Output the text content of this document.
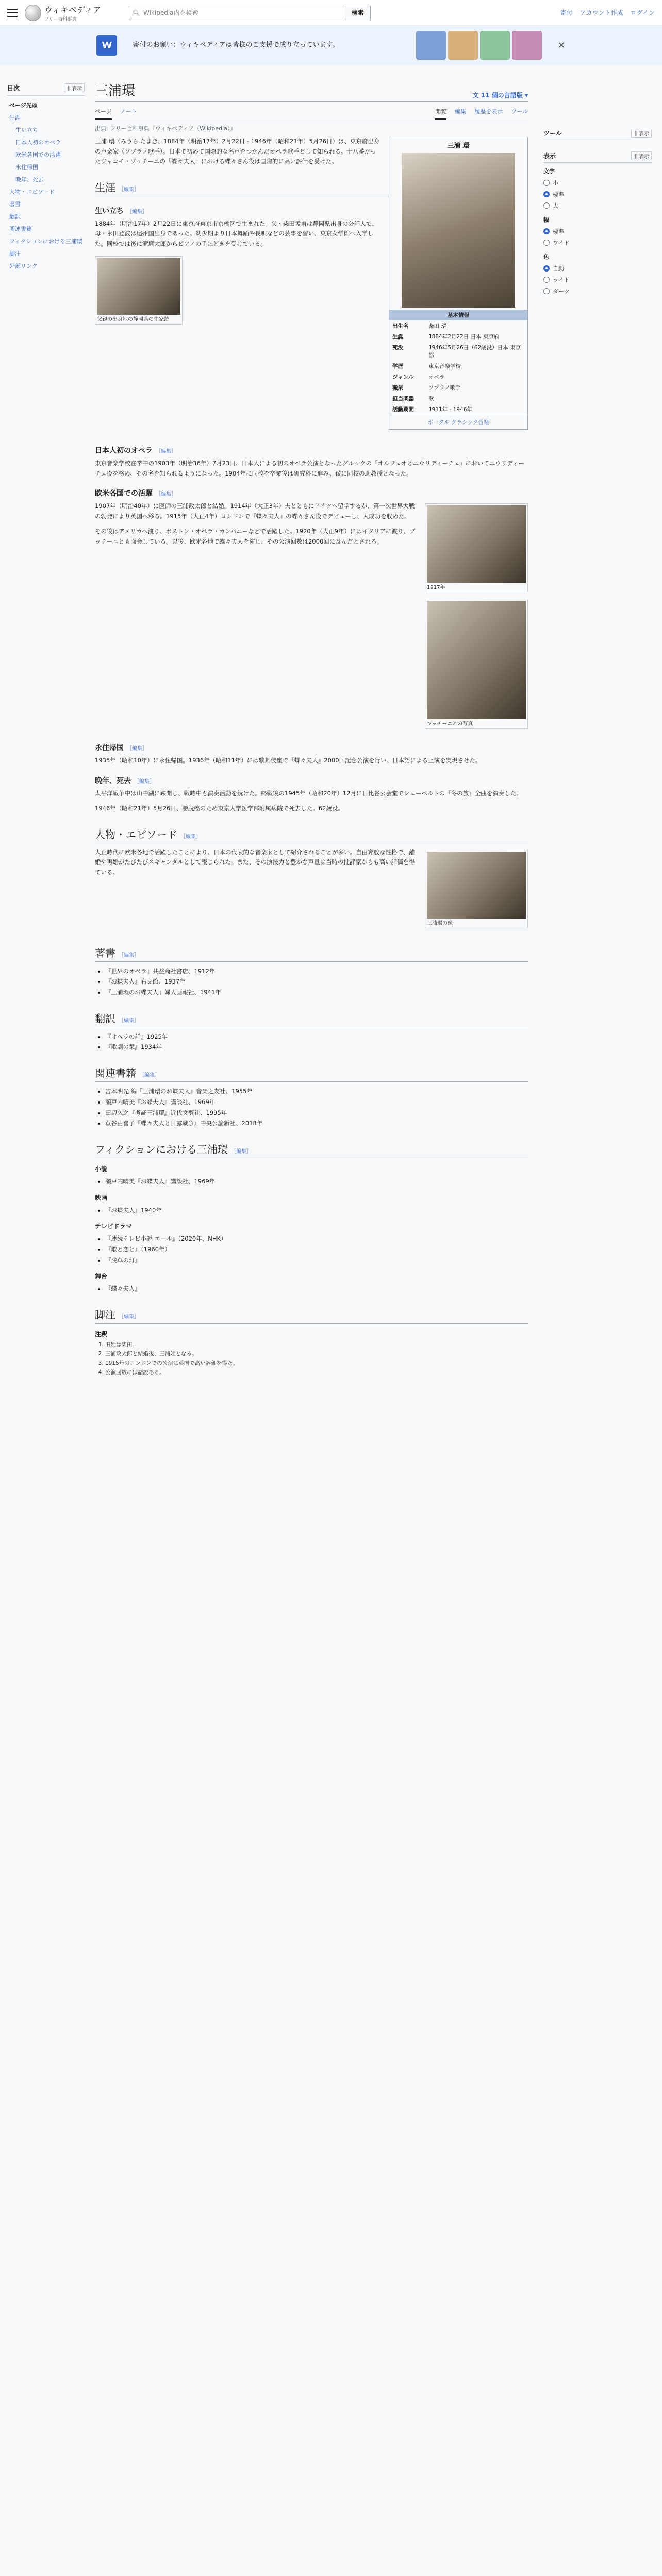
ウィキペディア
フリー百科事典
🔍︎ Wikipedia内を検索	検索	寄付 アカウント作成 ログイン
W	寄付のお願い：ウィキペディアは皆様のご支援で成り立っています。	✕
目次	非表示
ページ先頭
生涯
生い立ち
日本人初のオペラ
欧米各国での活躍
永住帰国
晩年、死去
人物・エピソード
著書
翻訳
関連書籍
フィクションにおける三浦環
脚注
外部リンク
三浦環	文︎ 11 個の言語版 ▾
ページ ノート	閲覧 編集 履歴を表示 ツール
出典: フリー百科事典『ウィキペディア（Wikipedia）』
三浦 環
基本情報
出生名	柴田 環
生誕	1884年2月22日 日本 東京府
死没	1946年5月26日（62歳没）日本 東京都
学歴	東京音楽学校
ジャンル	オペラ
職業	ソプラノ歌手
担当楽器	歌
活動期間	1911年 - 1946年
ポータル クラシック音楽

三浦 環（みうら たまき、1884年（明治17年）2月22日 - 1946年（昭和21年）5月26日）は、東京府出身の声楽家（ソプラノ歌手）。日本で初めて国際的な名声をつかんだオペラ歌手として知られる。十八番だったジャコモ・プッチーニの「蝶々夫人」における蝶々さん役は国際的に高い評価を受けた。

生涯 ［編集］
生い立ち ［編集］

1884年（明治17年）2月22日に東京府東京市京橋区で生まれた。父・柴田孟甫は静岡県出身の公証人で、母・永田登波は遠州国出身であった。幼少期より日本舞踊や長唄などの芸事を習い、東京女学館へ入学した。同校では後に滝廉太郎からピアノの手ほどきを受けている。

父親の出身地の静岡県の生家跡
日本人初のオペラ ［編集］

東京音楽学校在学中の1903年（明治36年）7月23日、日本人による初のオペラ公演となったグルックの『オルフェオとエウリディーチェ』においてエウリディーチェ役を務め、その名を知られるようになった。1904年に同校を卒業後は研究科に進み、後に同校の助教授となった。

欧米各国での活躍 ［編集］
1917年

1907年（明治40年）に医師の三浦政太郎と結婚。1914年（大正3年）夫とともにドイツへ留学するが、第一次世界大戦の勃発により英国へ移る。1915年（大正4年）ロンドンで『蝶々夫人』の蝶々さん役でデビューし、大成功を収めた。

プッチーニとの写真

その後はアメリカへ渡り、ボストン・オペラ・カンパニーなどで活躍した。1920年（大正9年）にはイタリアに渡り、プッチーニとも面会している。以後、欧米各地で蝶々夫人を演じ、その公演回数は2000回に及んだとされる。

永住帰国 ［編集］

1935年（昭和10年）に永住帰国。1936年（昭和11年）には歌舞伎座で『蝶々夫人』2000回記念公演を行い、日本語による上演を実現させた。

晩年、死去 ［編集］

太平洋戦争中は山中湖に疎開し、戦時中も演奏活動を続けた。終戦後の1945年（昭和20年）12月に日比谷公会堂でシューベルトの『冬の旅』全曲を演奏した。

1946年（昭和21年）5月26日、膀胱癌のため東京大学医学部附属病院で死去した。62歳没。

人物・エピソード ［編集］
三浦環の像

大正時代に欧米各地で活躍したことにより、日本の代表的な音楽家として紹介されることが多い。自由奔放な性格で、離婚や再婚がたびたびスキャンダルとして報じられた。また、その演技力と豊かな声量は当時の批評家からも高い評価を得ている。

著書 ［編集］
• 『世界のオペラ』共益商社書店、1912年
• 『お蝶夫人』右文館、1937年
• 『三浦環のお蝶夫人』婦人画報社、1941年
翻訳 ［編集］
• 『オペラの話』1925年
• 『歌劇の栞』1934年
関連書籍 ［編集］
• 吉本明光 編『三浦環のお蝶夫人』音楽之友社、1955年
• 瀬戸内晴美『お蝶夫人』講談社、1969年
• 田辺久之『考証三浦環』近代文藝社、1995年
• 萩谷由喜子『蝶々夫人と日露戦争』中央公論新社、2018年
フィクションにおける三浦環 ［編集］
小説
• 瀬戸内晴美『お蝶夫人』講談社、1969年
映画
• 『お蝶夫人』1940年
テレビドラマ
• 『連続テレビ小説 エール』（2020年、NHK）
• 『歌と恋と』（1960年）
• 『浅草の灯』
舞台
• 『蝶々夫人』
脚注 ［編集］
注釈
1. 旧姓は柴田。
2. 三浦政太郎と結婚後、三浦姓となる。
3. 1915年のロンドンでの公演は英国で高い評価を得た。
4. 公演回数には諸説ある。
ツール	非表示
表示	非表示
文字
小
標準
大
幅
標準
ワイド
色
自動
ライト
ダーク
